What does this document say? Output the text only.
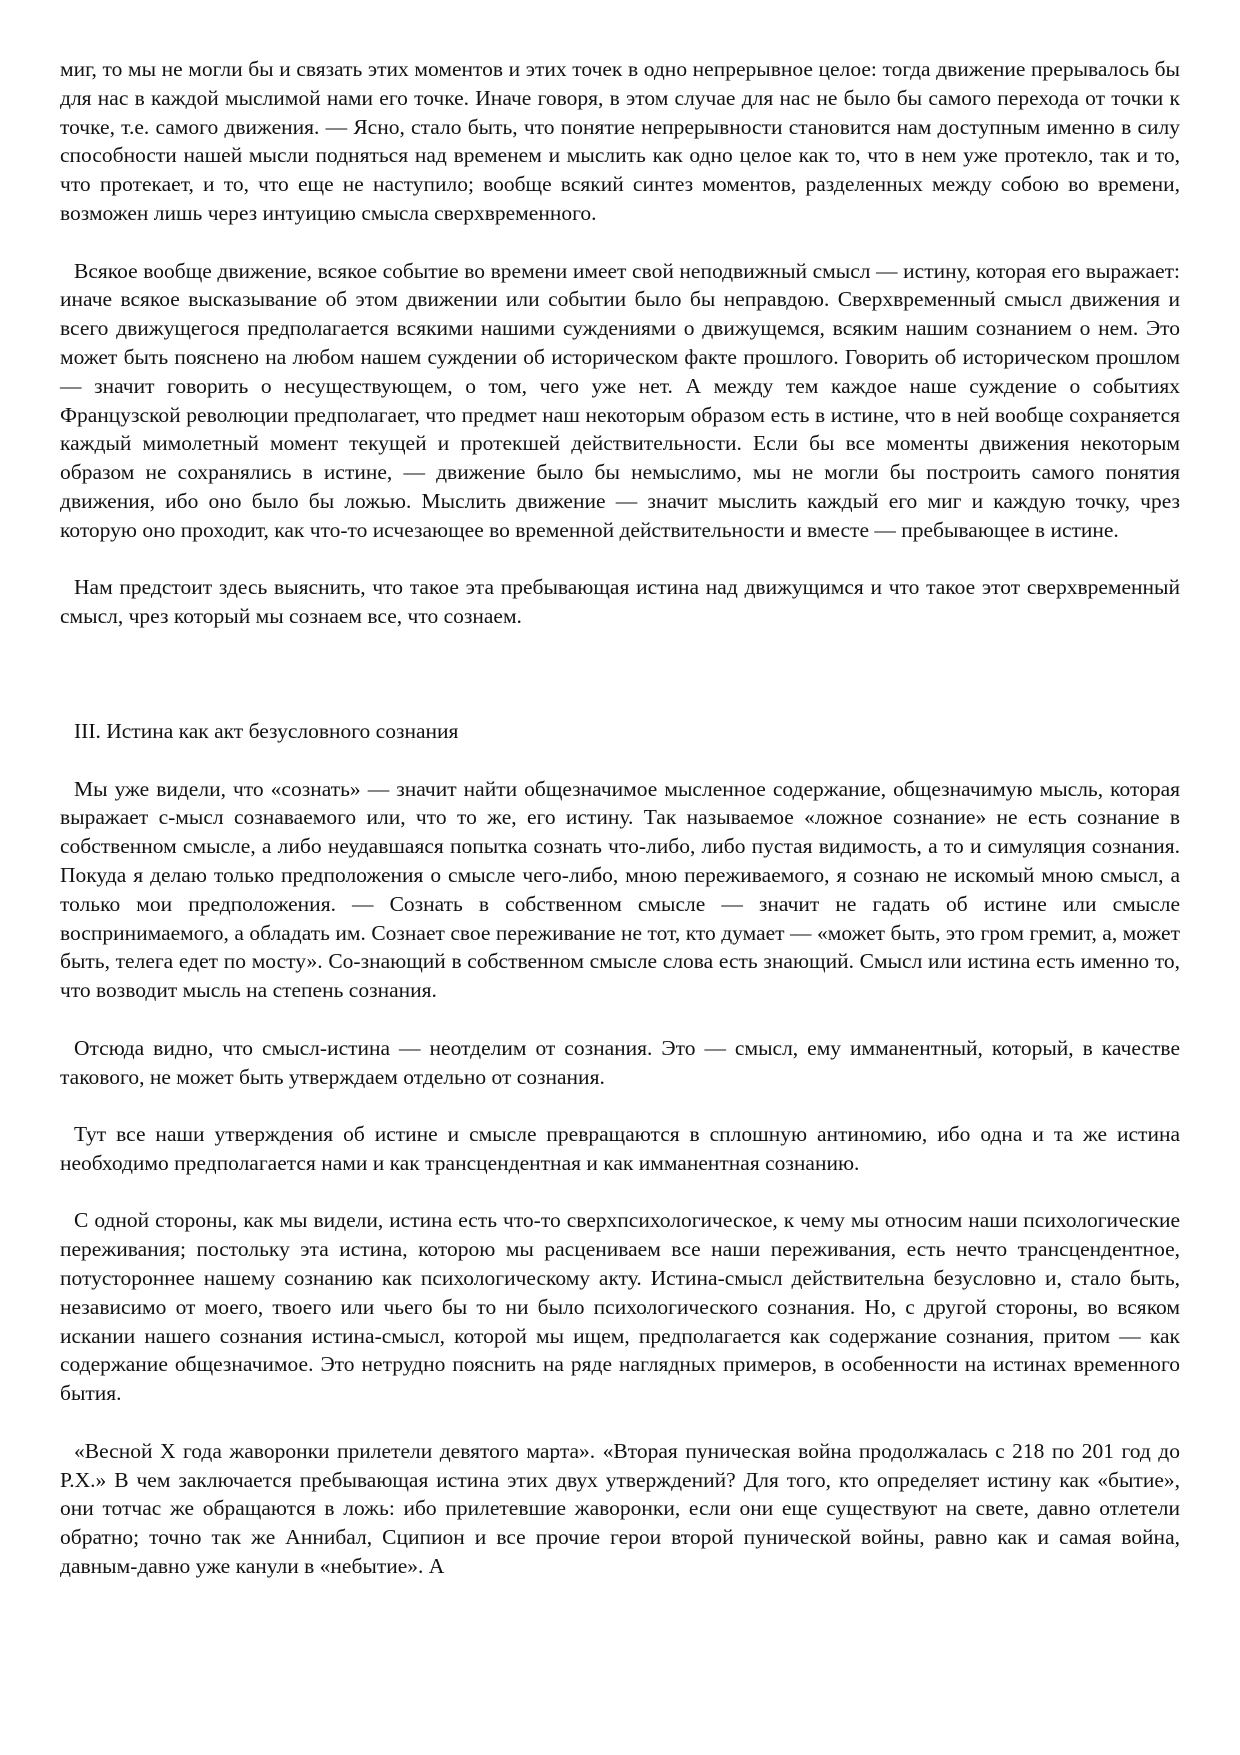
миг, то мы не могли бы и связать этих моментов и этих точек в одно непрерывное целое: тогда движение прерывалось бы для нас в каждой мыслимой нами его точке. Иначе говоря, в этом случае для нас не было бы самого перехода от точки к точке, т.е. самого движения. — Ясно, стало быть, что понятие непрерывности становится нам доступным именно в силу способности нашей мысли подняться над временем и мыслить как одно целое как то, что в нем уже протекло, так и то, что протекает, и то, что еще не наступило; вообще всякий синтез моментов, разделенных между собою во времени, возможен лишь через интуицию смысла сверхвременного.

Всякое вообще движение, всякое событие во времени имеет свой неподвижный смысл — истину, которая его выражает: иначе всякое высказывание об этом движении или событии было бы неправдою. Сверхвременный смысл движения и всего движущегося предполагается всякими нашими суждениями о движущемся, всяким нашим сознанием о нем. Это может быть пояснено на любом нашем суждении об историческом факте прошлого. Говорить об историческом прошлом — значит говорить о несуществующем, о том, чего уже нет. А между тем каждое наше суждение о событиях Французской революции предполагает, что предмет наш некоторым образом есть в истине, что в ней вообще сохраняется каждый мимолетный момент текущей и протекшей действительности. Если бы все моменты движения некоторым образом не сохранялись в истине, — движение было бы немыслимо, мы не могли бы построить самого понятия движения, ибо оно было бы ложью. Мыслить движение — значит мыслить каждый его миг и каждую точку, чрез которую оно проходит, как что-то исчезающее во временной действительности и вместе — пребывающее в истине.

Нам предстоит здесь выяснить, что такое эта пребывающая истина над движущимся и что такое этот сверхвременный смысл, чрез который мы сознаем все, что сознаем.

III. Истина как акт безусловного сознания

Мы уже видели, что «сознать» — значит найти общезначимое мысленное содержание, общезначимую мысль, которая выражает с-мысл сознаваемого или, что то же, его истину. Так называемое «ложное сознание» не есть сознание в собственном смысле, а либо неудавшаяся попытка сознать что-либо, либо пустая видимость, а то и симуляция сознания. Покуда я делаю только предположения о смысле чего-либо, мною переживаемого, я сознаю не искомый мною смысл, а только мои предположения. — Сознать в собственном смысле — значит не гадать об истине или смысле воспринимаемого, а обладать им. Сознает свое переживание не тот, кто думает — «может быть, это гром гремит, а, может быть, телега едет по мосту». Со-знающий в собственном смысле слова есть знающий. Смысл или истина есть именно то, что возводит мысль на степень сознания.

Отсюда видно, что смысл-истина — неотделим от сознания. Это — смысл, ему имманентный, который, в качестве такового, не может быть утверждаем отдельно от сознания.

Тут все наши утверждения об истине и смысле превращаются в сплошную антиномию, ибо одна и та же истина необходимо предполагается нами и как трансцендентная и как имманентная сознанию.

С одной стороны, как мы видели, истина есть что-то сверхпсихологическое, к чему мы относим наши психологические переживания; постольку эта истина, которою мы расцениваем все наши переживания, есть нечто трансцендентное, потустороннее нашему сознанию как психологическому акту. Истина-смысл действительна безусловно и, стало быть, независимо от моего, твоего или чьего бы то ни было психологического сознания. Но, с другой стороны, во всяком искании нашего сознания истина-смысл, которой мы ищем, предполагается как содержание сознания, притом — как содержание общезначимое. Это нетрудно пояснить на ряде наглядных примеров, в особенности на истинах временного бытия.

«Весной X года жаворонки прилетели девятого марта». «Вторая пуническая война продолжалась с 218 по 201 год до Р.Х.» В чем заключается пребывающая истина этих двух утверждений? Для того, кто определяет истину как «бытие», они тотчас же обращаются в ложь: ибо прилетевшие жаворонки, если они еще существуют на свете, давно отлетели обратно; точно так же Аннибал, Сципион и все прочие герои второй пунической войны, равно как и самая война, давным-давно уже канули в «небытие». А
